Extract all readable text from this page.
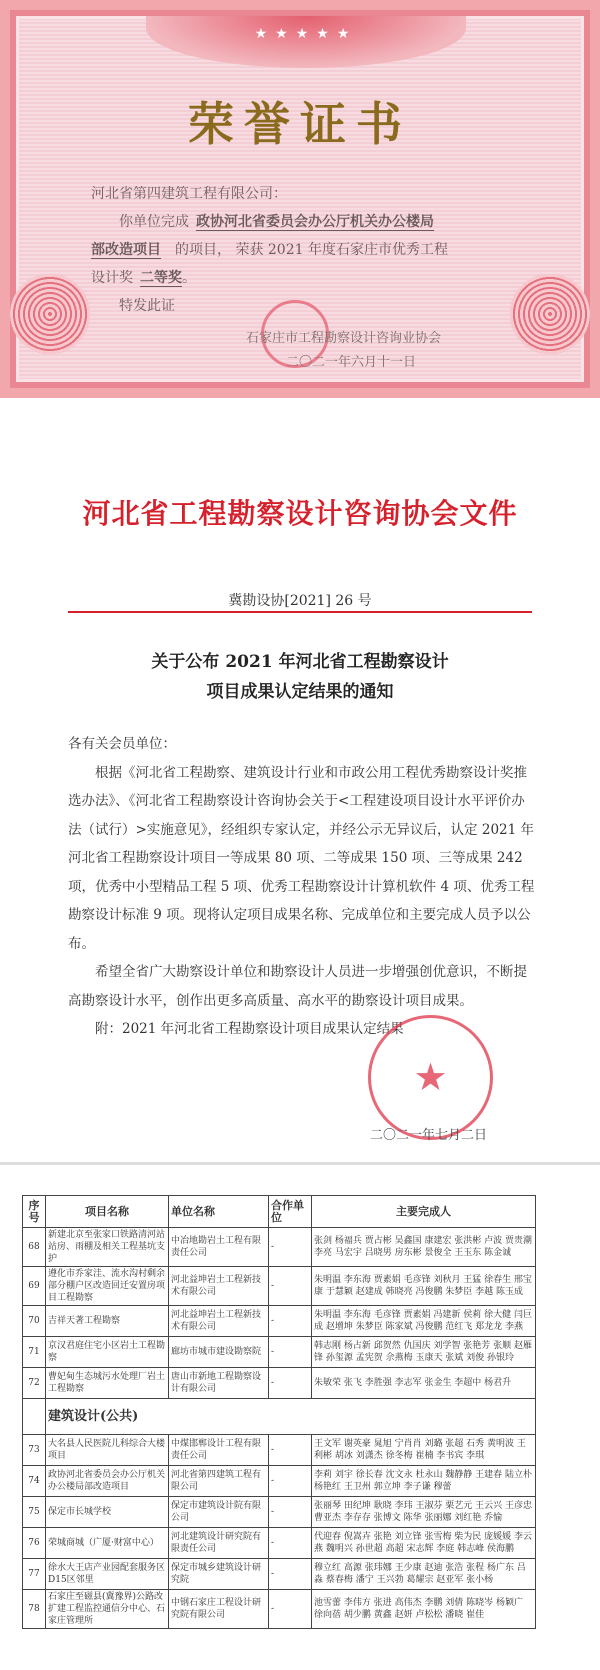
★★★★★
荣誉证书
河北省第四建筑工程有限公司：
  你单位完成  政协河北省委员会办公厅机关办公楼局
部改造项目  的项目， 荣获 2021 年度石家庄市优秀工程
设计奖  二等奖。
  特发此证
石家庄市工程勘察设计咨询业协会
二〇二一年六月十一日
河北省工程勘察设计咨询协会文件
冀勘设协[2021] 26 号
关于公布 2021 年河北省工程勘察设计
项目成果认定结果的通知

各有关会员单位：

根据《河北省工程勘察、建筑设计行业和市政公用工程优秀勘察设计奖推选办法》、《河北省工程勘察设计咨询协会关于<工程建设项目设计水平评价办法（试行）>实施意见》，经组织专家认定，并经公示无异议后，认定 2021 年河北省工程勘察设计项目一等成果 80 项、二等成果 150 项、三等成果 242 项，优秀中小型精品工程 5 项、优秀工程勘察设计计算机软件 4 项、优秀工程勘察设计标准 9 项。现将认定项目成果名称、完成单位和主要完成人员予以公布。

希望全省广大勘察设计单位和勘察设计人员进一步增强创优意识，不断提高勘察设计水平，创作出更多高质量、高水平的勘察设计项目成果。

附：2021 年河北省工程勘察设计项目成果认定结果

★
二〇二一年七月二日
序号	项目名称	单位名称	合作单位	主要完成人
68	新建北京至张家口铁路清河站站房、雨棚及相关工程基坑支护	中冶地勘岩土工程有限责任公司	-	张剑 杨福兵 贾占彬 吴鑫国 康建宏 张洪彬 卢波 贾贵潮 李亮 马宏宇 吕晓男 房东彬 景俊全 王玉东 陈金诚
69	遵化市乔家洼、流水沟村剩余部分棚户区改造回迁安置房项目工程勘察	河北益坤岩土工程新技术有限公司	-	朱明温 李东海 贾素娟 毛彦锋 刘秋月 王猛 徐春生 邢宝康 于慧颖 赵建成 韩晓亮 冯俊鹏 朱梦臣 李越 陈玉成
70	吉祥天著工程勘察	河北益坤岩土工程新技术有限公司	-	朱明温 李东海 毛彦锋 贾素娟 冯建新 侯莉 徐大健 闫巨成 赵增坤 朱梦臣 陈家斌 冯俊鹏 范红飞 郑龙龙 李燕
71	京汉君庭住宅小区岩土工程勘察	廊坊市城市建设勘察院	-	韩志刚 杨占新 邱贺然 仇国庆 刘学智 张艳芳 张顺 赵雁锋 孙玺源 孟宪贺 佘燕梅 玉康天 张斌 刘俊 孙银玲
72	曹妃甸生态城污水处理厂岩土工程勘察	唐山市新地工程勘察设计有限公司	-	朱敏荣 张飞 李胜强 李志军 张金生 李超中 杨君升
	建筑设计(公共)			
73	大名县人民医院儿科综合大楼项目	中煤邯郸设计工程有限责任公司	-	王文军 谢英豪 晁旭 宁肖肖 刘璐 张超 石秀 黄明波 王利彬 胡冰 刘潇杰 徐冬梅 崔楠 李书宾 李琪
74	政协河北省委员会办公厅机关办公楼局部改造项目	河北省第四建筑工程有限公司	-	李莉 刘宇 徐长春 沈文永 杜永山 魏静静 王建春 陆立朴 杨艳红 王卫州 郭立坤 李子谦 穆蕾
75	保定市长城学校	保定市建筑设计院有限公司	-	张丽琴 田纪坤 耿晓 李玮 王淑芬 栗艺元 王云兴 王彦忠 曹亚杰 李存存 张博文 陈华 张丽娜 刘红艳 乔愉
76	荣城商城（广厦·财富中心）	河北建筑设计研究院有限责任公司	-	代迎春 倪嵩卉 张艳 刘立锋 张雪梅 柴为民 庞媛媛 李云燕 魏明兴 孙世超 高超 宋志辉 李庭 韩志峰 侯海鹏
77	徐水大王店产业园配套服务区D15区邻里	保定市城乡建筑设计研究院	-	穆立红 高源 张玮娜 王少康 赵迪 张浩 张程 杨广东 吕淼 蔡春梅 潘宁 王兴勃 葛耀宗 赵亚军 张小杨
78	石家庄至磁县(冀豫界)公路改扩建工程监控通信分中心、石家庄管理所	中钢石家庄工程设计研究院有限公司	-	池雪蕾 李伟方 张进 高伟杰 李鹏 刘倩 陈晓岑 杨颖广 徐向蓓 胡少鹏 黄鑫 赵妍 卢松松 潘晓 崔佳
